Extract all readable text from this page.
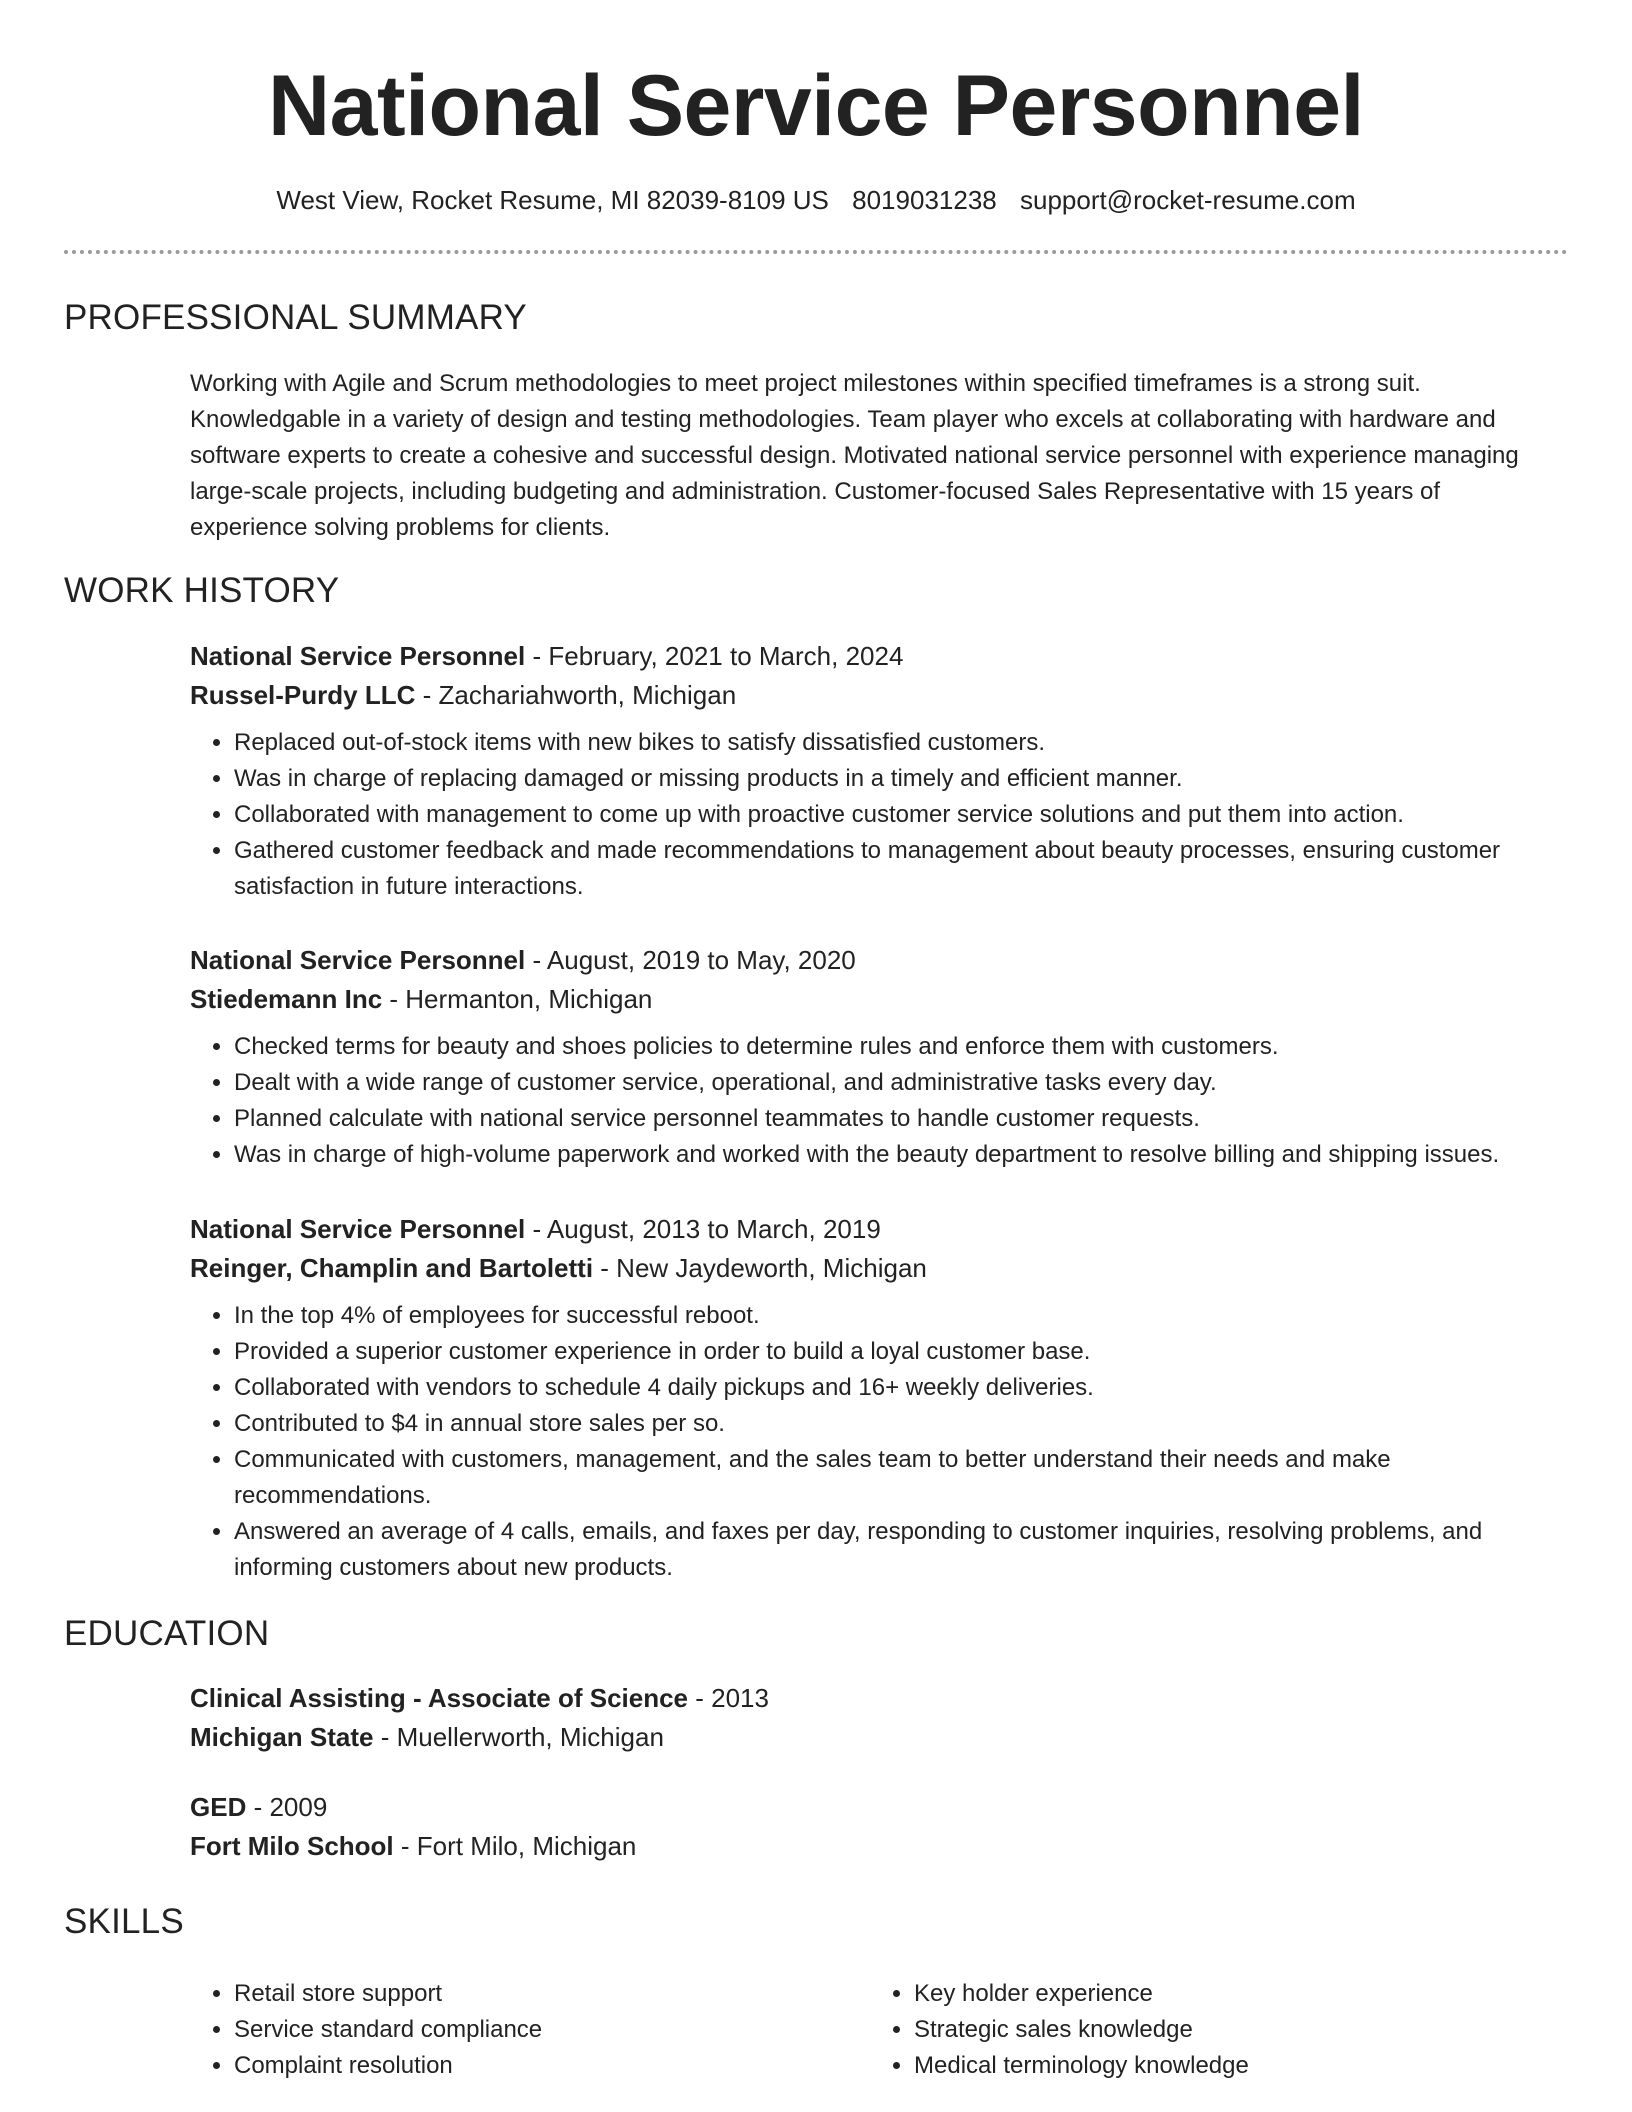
National Service Personnel
West View, Rocket Resume, MI 82039-8109 US 8019031238 support@rocket-resume.com
PROFESSIONAL SUMMARY
Working with Agile and Scrum methodologies to meet project milestones within specified timeframes is a strong suit. Knowledgable in a variety of design and testing methodologies. Team player who excels at collaborating with hardware and software experts to create a cohesive and successful design. Motivated national service personnel with experience managing large-scale projects, including budgeting and administration. Customer-focused Sales Representative with 15 years of experience solving problems for clients.
WORK HISTORY
National Service Personnel - February, 2021 to March, 2024
Russel-Purdy LLC - Zachariahworth, Michigan
• Replaced out-of-stock items with new bikes to satisfy dissatisfied customers.
• Was in charge of replacing damaged or missing products in a timely and efficient manner.
• Collaborated with management to come up with proactive customer service solutions and put them into action.
• Gathered customer feedback and made recommendations to management about beauty processes, ensuring customer satisfaction in future interactions.
National Service Personnel - August, 2019 to May, 2020
Stiedemann Inc - Hermanton, Michigan
• Checked terms for beauty and shoes policies to determine rules and enforce them with customers.
• Dealt with a wide range of customer service, operational, and administrative tasks every day.
• Planned calculate with national service personnel teammates to handle customer requests.
• Was in charge of high-volume paperwork and worked with the beauty department to resolve billing and shipping issues.
National Service Personnel - August, 2013 to March, 2019
Reinger, Champlin and Bartoletti - New Jaydeworth, Michigan
• In the top 4% of employees for successful reboot.
• Provided a superior customer experience in order to build a loyal customer base.
• Collaborated with vendors to schedule 4 daily pickups and 16+ weekly deliveries.
• Contributed to $4 in annual store sales per so.
• Communicated with customers, management, and the sales team to better understand their needs and make recommendations.
• Answered an average of 4 calls, emails, and faxes per day, responding to customer inquiries, resolving problems, and informing customers about new products.
EDUCATION
Clinical Assisting - Associate of Science - 2013
Michigan State - Muellerworth, Michigan
GED - 2009
Fort Milo School - Fort Milo, Michigan
SKILLS
• Retail store support
• Service standard compliance
• Complaint resolution
• Key holder experience
• Strategic sales knowledge
• Medical terminology knowledge
